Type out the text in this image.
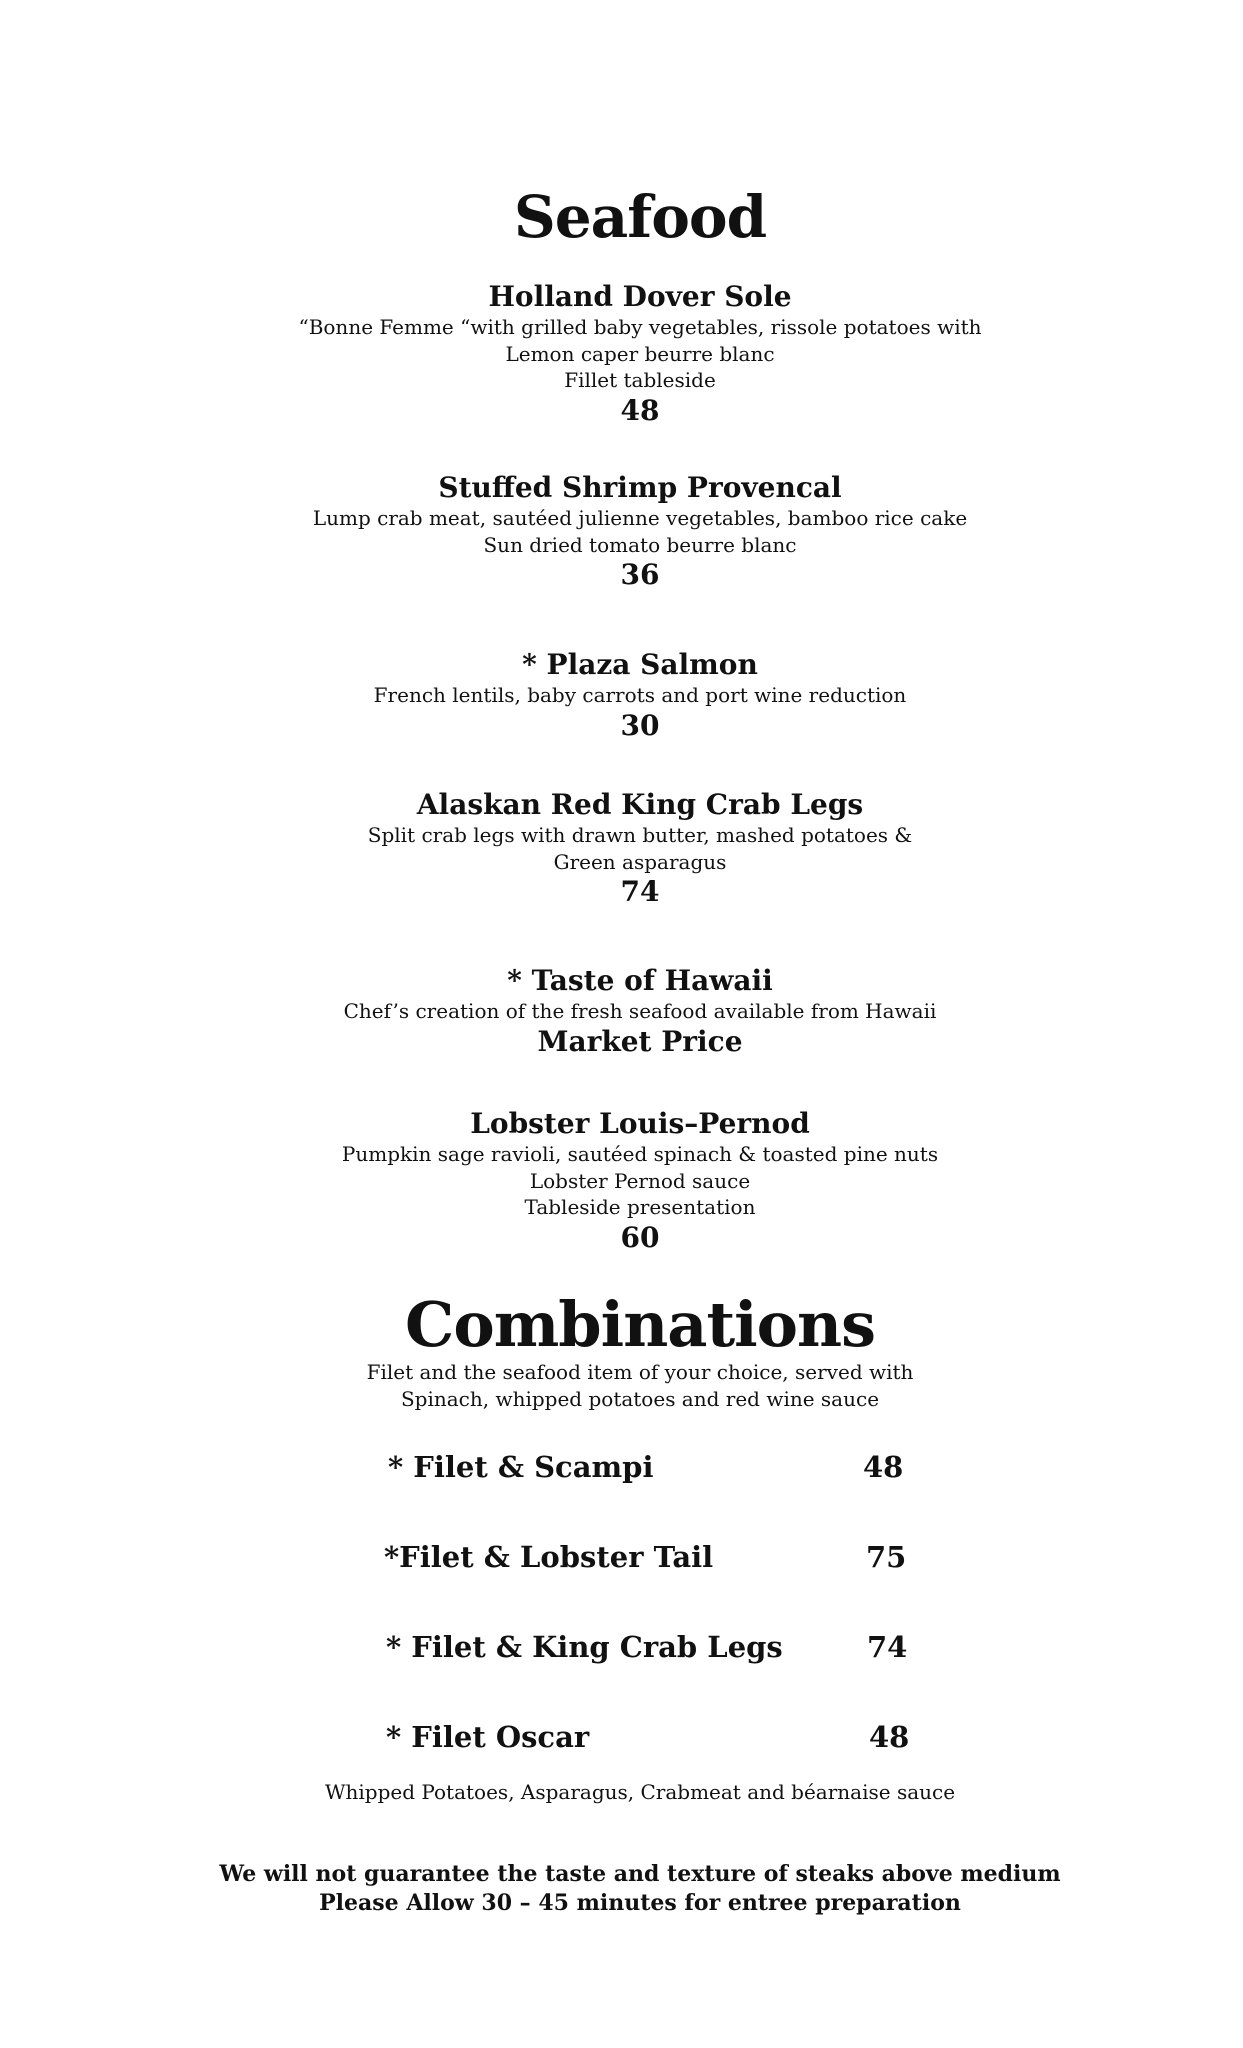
Seafood
Holland Dover Sole
“Bonne Femme “with grilled baby vegetables, rissole potatoes with
Lemon caper beurre blanc
Fillet tableside
48
Stuffed Shrimp Provencal
Lump crab meat, sautéed julienne vegetables, bamboo rice cake
Sun dried tomato beurre blanc
36
* Plaza Salmon
French lentils, baby carrots and port wine reduction
30
Alaskan Red King Crab Legs
Split crab legs with drawn butter, mashed potatoes &
Green asparagus
74
* Taste of Hawaii
Chef’s creation of the fresh seafood available from Hawaii
Market Price
Lobster Louis–Pernod
Pumpkin sage ravioli, sautéed spinach & toasted pine nuts
Lobster Pernod sauce
Tableside presentation
60
Combinations
Filet and the seafood item of your choice, served with
Spinach, whipped potatoes and red wine sauce
* Filet & Scampi	48
*Filet & Lobster Tail	75
* Filet & King Crab Legs	74
* Filet Oscar	48
Whipped Potatoes, Asparagus, Crabmeat and béarnaise sauce
We will not guarantee the taste and texture of steaks above medium
Please Allow 30 – 45 minutes for entree preparation
